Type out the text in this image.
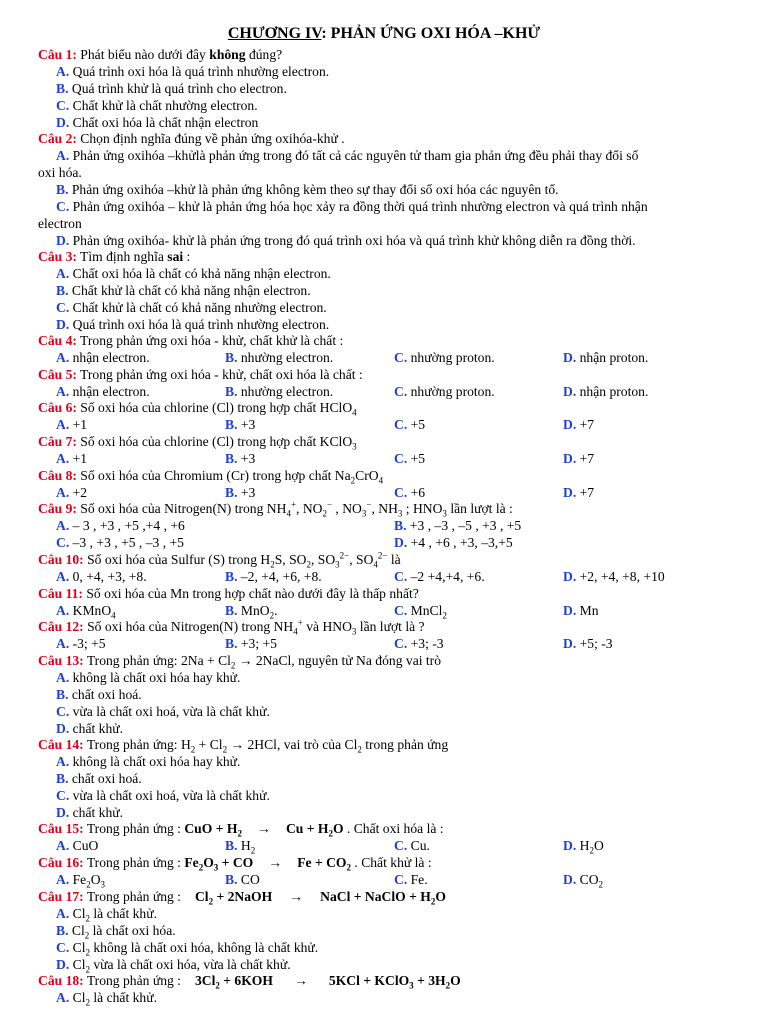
CHƯƠNG IV: PHẢN ỨNG OXI HÓA –KHỬ
Câu 1: Phát biểu nào dưới đây không đúng?
A. Quá trình oxi hóa là quá trình nhường electron.
B. Quá trình khử là quá trình cho electron.
C. Chất khử là chất nhường electron.
D. Chất oxi hóa là chất nhận electron
Câu 2: Chọn định nghĩa đúng về phản ứng oxihóa-khử .
A. Phản ứng oxihóa –khửlà phản ứng trong đó tất cả các nguyên tử tham gia phản ứng đều phải thay đổi số
oxi hóa.
B. Phản ứng oxihóa –khử là phản ứng không kèm theo sự thay đổi số oxi hóa các nguyên tố.
C. Phản ứng oxihóa – khử là phản ứng hóa học xảy ra đồng thời quá trình nhường electron và quá trình nhận
electron
D. Phản ứng oxihóa- khử là phản ứng trong đó quá trình oxi hóa và quá trình khử không diễn ra đồng thời.
Câu 3: Tìm định nghĩa sai :
A. Chất oxi hóa là chất có khả năng nhận electron.
B. Chất khử là chất có khả năng nhận electron.
C. Chất khử là chất có khả năng nhường electron.
D. Quá trình oxi hóa là quá trình nhường electron.
Câu 4: Trong phản ứng oxi hóa - khử, chất khử là chất :
A. nhận electron.	B. nhường electron.	C. nhường proton.	D. nhận proton.
Câu 5: Trong phản ứng oxi hóa - khử, chất oxi hóa là chất :
A. nhận electron.	B. nhường electron.	C. nhường proton.	D. nhận proton.
Câu 6: Số oxi hóa của chlorine (Cl) trong hợp chất HClO$_4$
A. +1	B. +3	C. +5	D. +7
Câu 7: Số oxi hóa của chlorine (Cl) trong hợp chất KClO$_3$
A. +1	B. +3	C. +5	D. +7
Câu 8: Số oxi hóa của Chromium (Cr) trong hợp chất $Na_2CrO_4$
A. +2	B. +3	C. +6	D. +7
Câu 9: Số oxi hóa của Nitrogen(N) trong $NH_4^+$, $NO_2^-$ , $NO_3^-$, $NH_3$ ; $HNO_3$ lần lượt là :
A. – 3 , +3 , +5 ,+4 , +6	B. +3 , –3 , –5 , +3 , +5
C. –3 , +3 , +5 , –3 , +5	D. +4 , +6 , +3, –3,+5
Câu 10: Số oxi hóa của Sulfur (S) trong $H_2S$, $SO_2$, $SO_3^{2-}$, $SO_4^{2-}$ là
A. 0, +4, +3, +8.	B. –2, +4, +6, +8.	C. –2 +4,+4, +6.	D. +2, +4, +8, +10
Câu 11: Số oxi hóa của Mn trong hợp chất nào dưới đây là thấp nhất?
A. KMnO$_4$	B. MnO$_2$.	C. MnCl$_2$	D. Mn
Câu 12: Số oxi hóa của Nitrogen(N) trong $NH_4^+$ và $HNO_3$ lần lượt là ?
A. -3; +5	B. +3; +5	C. +3; -3	D. +5; -3
Câu 13: Trong phản ứng: $2Na + Cl_2$ → 2NaCl, nguyên tử Na đóng vai trò
A. không là chất oxi hóa hay khử.
B. chất oxi hoá.
C. vừa là chất oxi hoá, vừa là chất khử.
D. chất khử.
Câu 14: Trong phản ứng: $H_2 + Cl_2 \to 2HCl$, vai trò của $Cl_2$ trong phản ứng
A. không là chất oxi hóa hay khử.
B. chất oxi hoá.
C. vừa là chất oxi hoá, vừa là chất khử.
D. chất khử.
Câu 15: Trong phản ứng : CuO + $H_2 \to Cu + H_2O$ . Chất oxi hóa là :
A. CuO	B. $H_2$	C. Cu.	D. $H_2O$
Câu 16: Trong phản ứng : $Fe_2O_3$ + CO → $Fe + CO_2$ . Chất khử là :
A. $Fe_2O_3$	B. CO	C. Fe.	D. $CO_2$
Câu 17: Trong phản ứng : $Cl_2$ + 2NaOH → NaCl + NaClO + $H_2O$
A. $Cl_2$ là chất khử.
B. $Cl_2$ là chất oxi hóa.
C. $Cl_2$ không là chất oxi hóa, không là chất khử.
D. $Cl_2$ vừa là chất oxi hóa, vừa là chất khử.
Câu 18: Trong phản ứng : $3Cl_2 + 6KOH \to 5KCl$ + KClO$_3$ + $3H_2O$
A. $Cl_2$ là chất khử.
